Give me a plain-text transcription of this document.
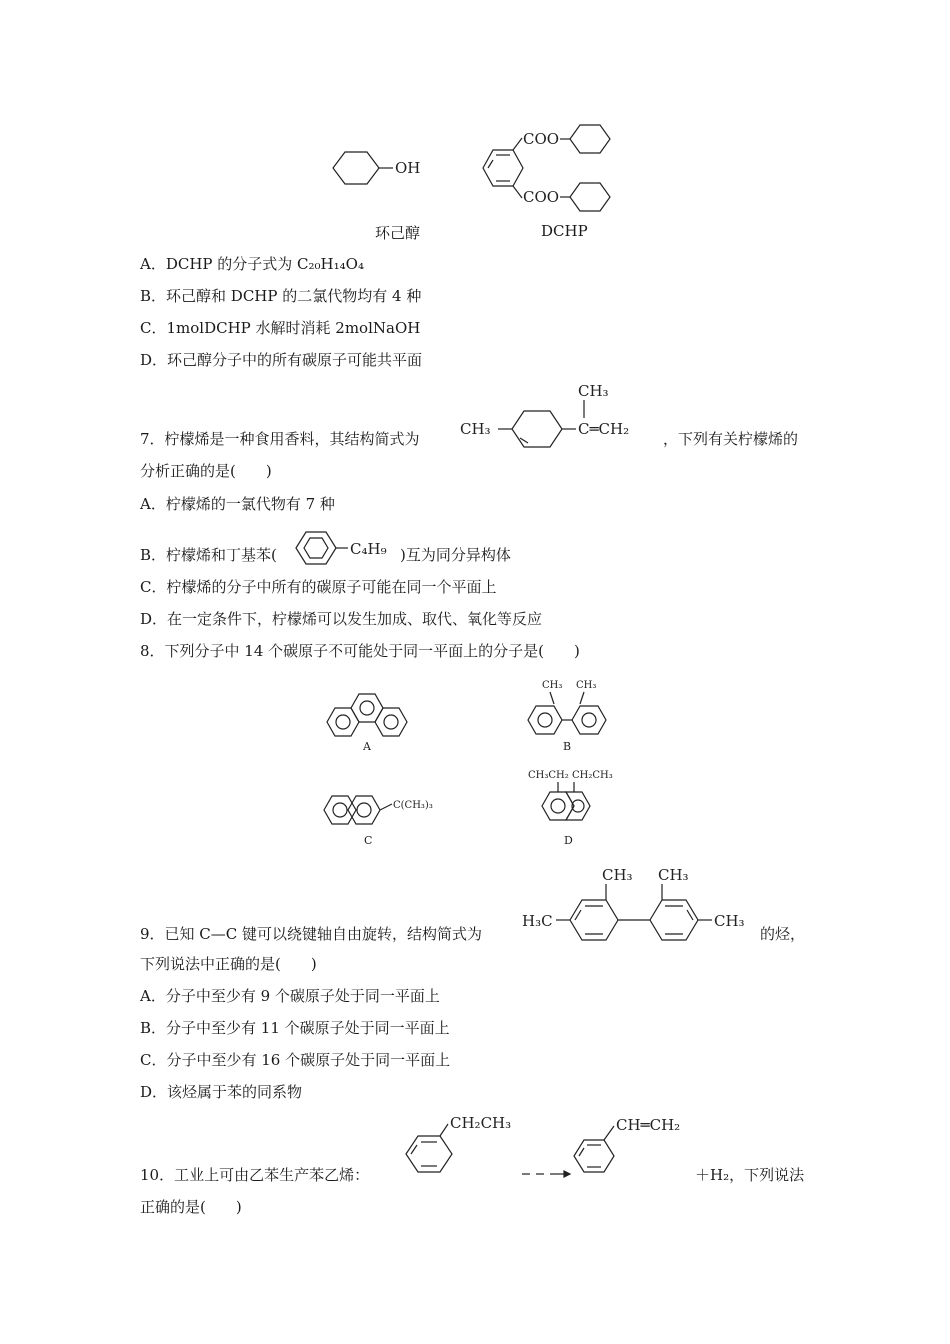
OH
COO
COO
环己醇	DCHP
A．DCHP 的分子式为 C₂₀H₁₄O₄
B．环己醇和 DCHP 的二氯代物均有 4 种
C．1molDCHP 水解时消耗 2molNaOH
D．环己醇分子中的所有碳原子可能共平面
7．柠檬烯是一种食用香料，其结构简式为
CH₃	C═CH₂
CH₃
，下列有关柠檬烯的
分析正确的是(　　)
A．柠檬烯的一氯代物有 7 种
B．柠檬烯和丁基苯(	C₄H₉ )互为同分异构体
C．柠檬烯的分子中所有的碳原子可能在同一个平面上
D．在一定条件下，柠檬烯可以发生加成、取代、氧化等反应
8．下列分子中 14 个碳原子不可能处于同一平面上的分子是(　　)
A
CH₃ CH₃
B
C(CH₃)₃
C
CH₃CH₂ CH₂CH₃
D
9．已知 C—C 键可以绕键轴自由旋转，结构简式为
H₃C
CH₃ CH₃
CH₃
的烃，
下列说法中正确的是(　　)
A．分子中至少有 9 个碳原子处于同一平面上
B．分子中至少有 11 个碳原子处于同一平面上
C．分子中至少有 16 个碳原子处于同一平面上
D．该烃属于苯的同系物
10．工业上可由乙苯生产苯乙烯：
CH₂CH₃	CH═CH₂
＋H₂，下列说法
正确的是(　　)
